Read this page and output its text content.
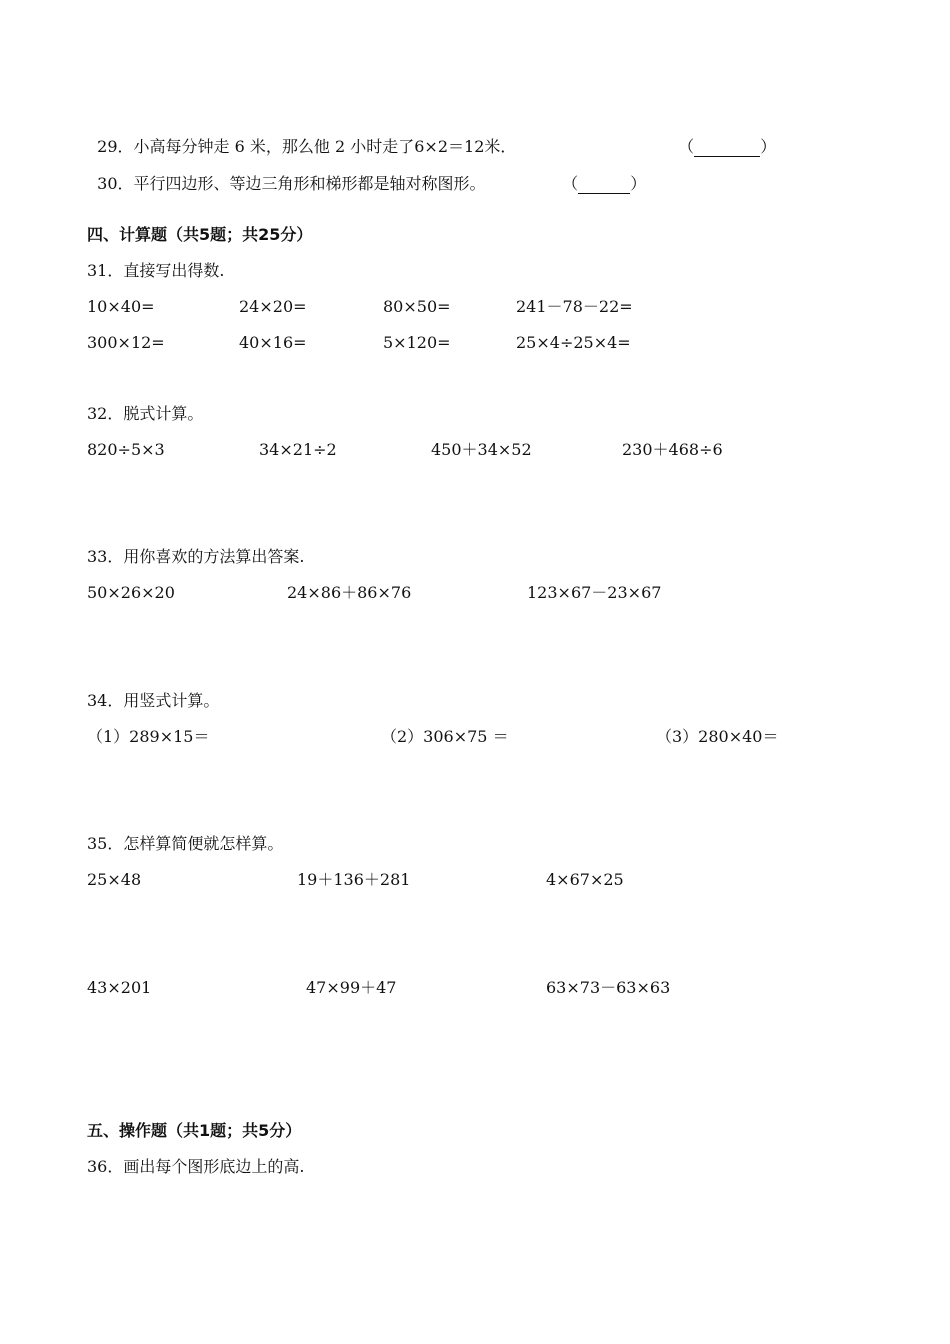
29．小高每分钟走 6 米，那么他 2 小时走了6×2＝12米．	（	）

30．平行四边形、等边三角形和梯形都是轴对称图形。	（	）

四、计算题（共5题；共25分）
31．直接写出得数.
10×40=	24×20=	80×50=	241－78－22=
300×12=	40×16=	5×120=	25×4÷25×4=
32．脱式计算。
820÷5×3	34×21÷2	450＋34×52	230＋468÷6
33．用你喜欢的方法算出答案.
50×26×20	24×86＋86×76	123×67－23×67
34．用竖式计算。
（1）289×15＝	（2）306×75 ＝	（3）280×40＝
35．怎样算简便就怎样算。
25×48	19＋136＋281	4×67×25
43×201	47×99＋47	63×73－63×63
五、操作题（共1题；共5分）
36．画出每个图形底边上的高.
